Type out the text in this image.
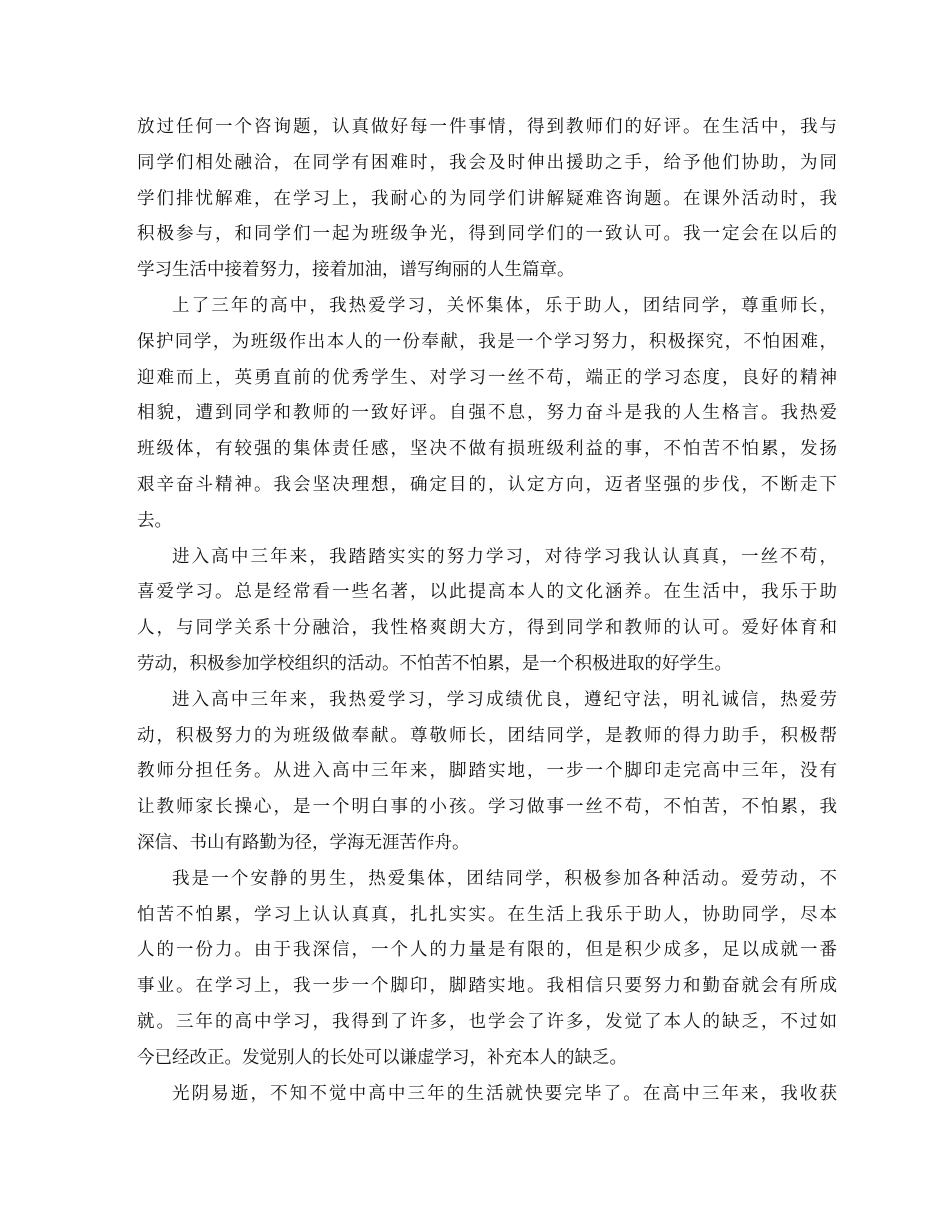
放过任何一个咨询题，认真做好每一件事情，得到教师们的好评。在生活中，我与
同学们相处融洽，在同学有困难时，我会及时伸出援助之手，给予他们协助，为同
学们排忧解难，在学习上，我耐心的为同学们讲解疑难咨询题。在课外活动时，我
积极参与，和同学们一起为班级争光，得到同学们的一致认可。我一定会在以后的
学习生活中接着努力，接着加油，谱写绚丽的人生篇章。
上了三年的高中，我热爱学习，关怀集体，乐于助人，团结同学，尊重师长，
保护同学，为班级作出本人的一份奉献，我是一个学习努力，积极探究，不怕困难，
迎难而上，英勇直前的优秀学生、对学习一丝不苟，端正的学习态度，良好的精神
相貌，遭到同学和教师的一致好评。自强不息，努力奋斗是我的人生格言。我热爱
班级体，有较强的集体责任感，坚决不做有损班级利益的事，不怕苦不怕累，发扬
艰辛奋斗精神。我会坚决理想，确定目的，认定方向，迈者坚强的步伐，不断走下
去。
进入高中三年来，我踏踏实实的努力学习，对待学习我认认真真，一丝不苟，
喜爱学习。总是经常看一些名著，以此提高本人的文化涵养。在生活中，我乐于助
人，与同学关系十分融洽，我性格爽朗大方，得到同学和教师的认可。爱好体育和
劳动，积极参加学校组织的活动。不怕苦不怕累，是一个积极进取的好学生。
进入高中三年来，我热爱学习，学习成绩优良，遵纪守法，明礼诚信，热爱劳
动，积极努力的为班级做奉献。尊敬师长，团结同学，是教师的得力助手，积极帮
教师分担任务。从进入高中三年来，脚踏实地，一步一个脚印走完高中三年，没有
让教师家长操心，是一个明白事的小孩。学习做事一丝不苟，不怕苦，不怕累，我
深信、书山有路勤为径，学海无涯苦作舟。
我是一个安静的男生，热爱集体，团结同学，积极参加各种活动。爱劳动，不
怕苦不怕累，学习上认认真真，扎扎实实。在生活上我乐于助人，协助同学，尽本
人的一份力。由于我深信，一个人的力量是有限的，但是积少成多，足以成就一番
事业。在学习上，我一步一个脚印，脚踏实地。我相信只要努力和勤奋就会有所成
就。三年的高中学习，我得到了许多，也学会了许多，发觉了本人的缺乏，不过如
今已经改正。发觉别人的长处可以谦虚学习，补充本人的缺乏。
光阴易逝，不知不觉中高中三年的生活就快要完毕了。在高中三年来，我收获
